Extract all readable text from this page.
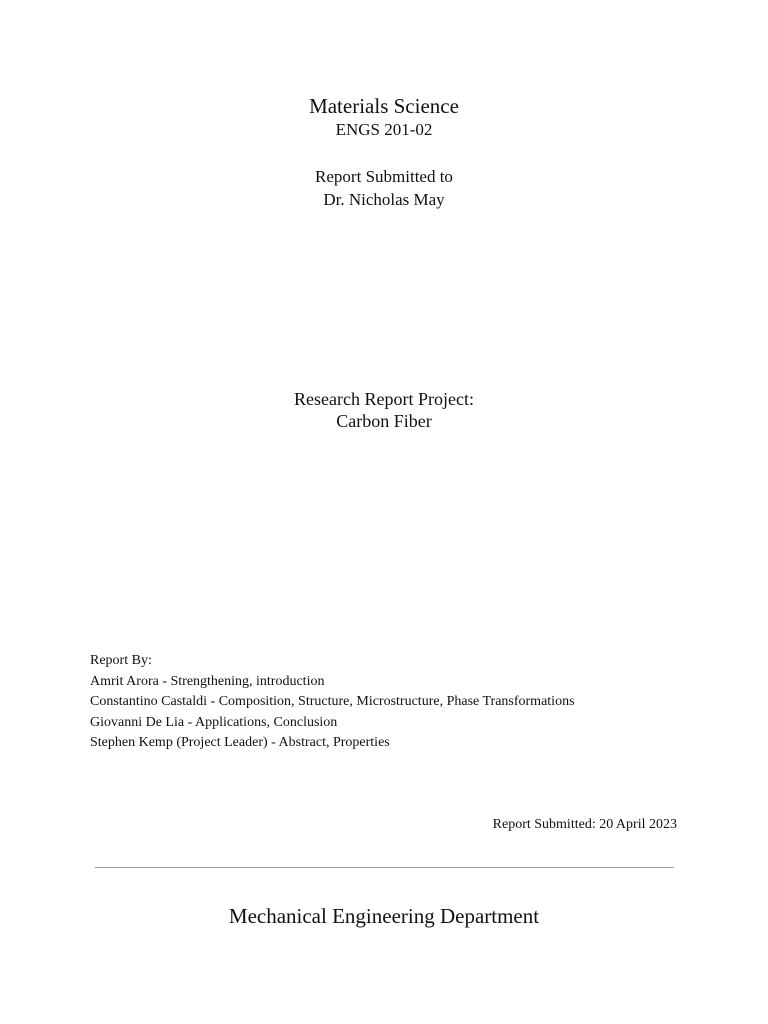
Materials Science
ENGS 201-02
Report Submitted to
Dr. Nicholas May
Research Report Project:
Carbon Fiber
Report By:
Amrit Arora - Strengthening, introduction
Constantino Castaldi - Composition, Structure, Microstructure, Phase Transformations
Giovanni De Lia - Applications, Conclusion
Stephen Kemp (Project Leader) - Abstract, Properties
Report Submitted: 20 April 2023
Mechanical Engineering Department
